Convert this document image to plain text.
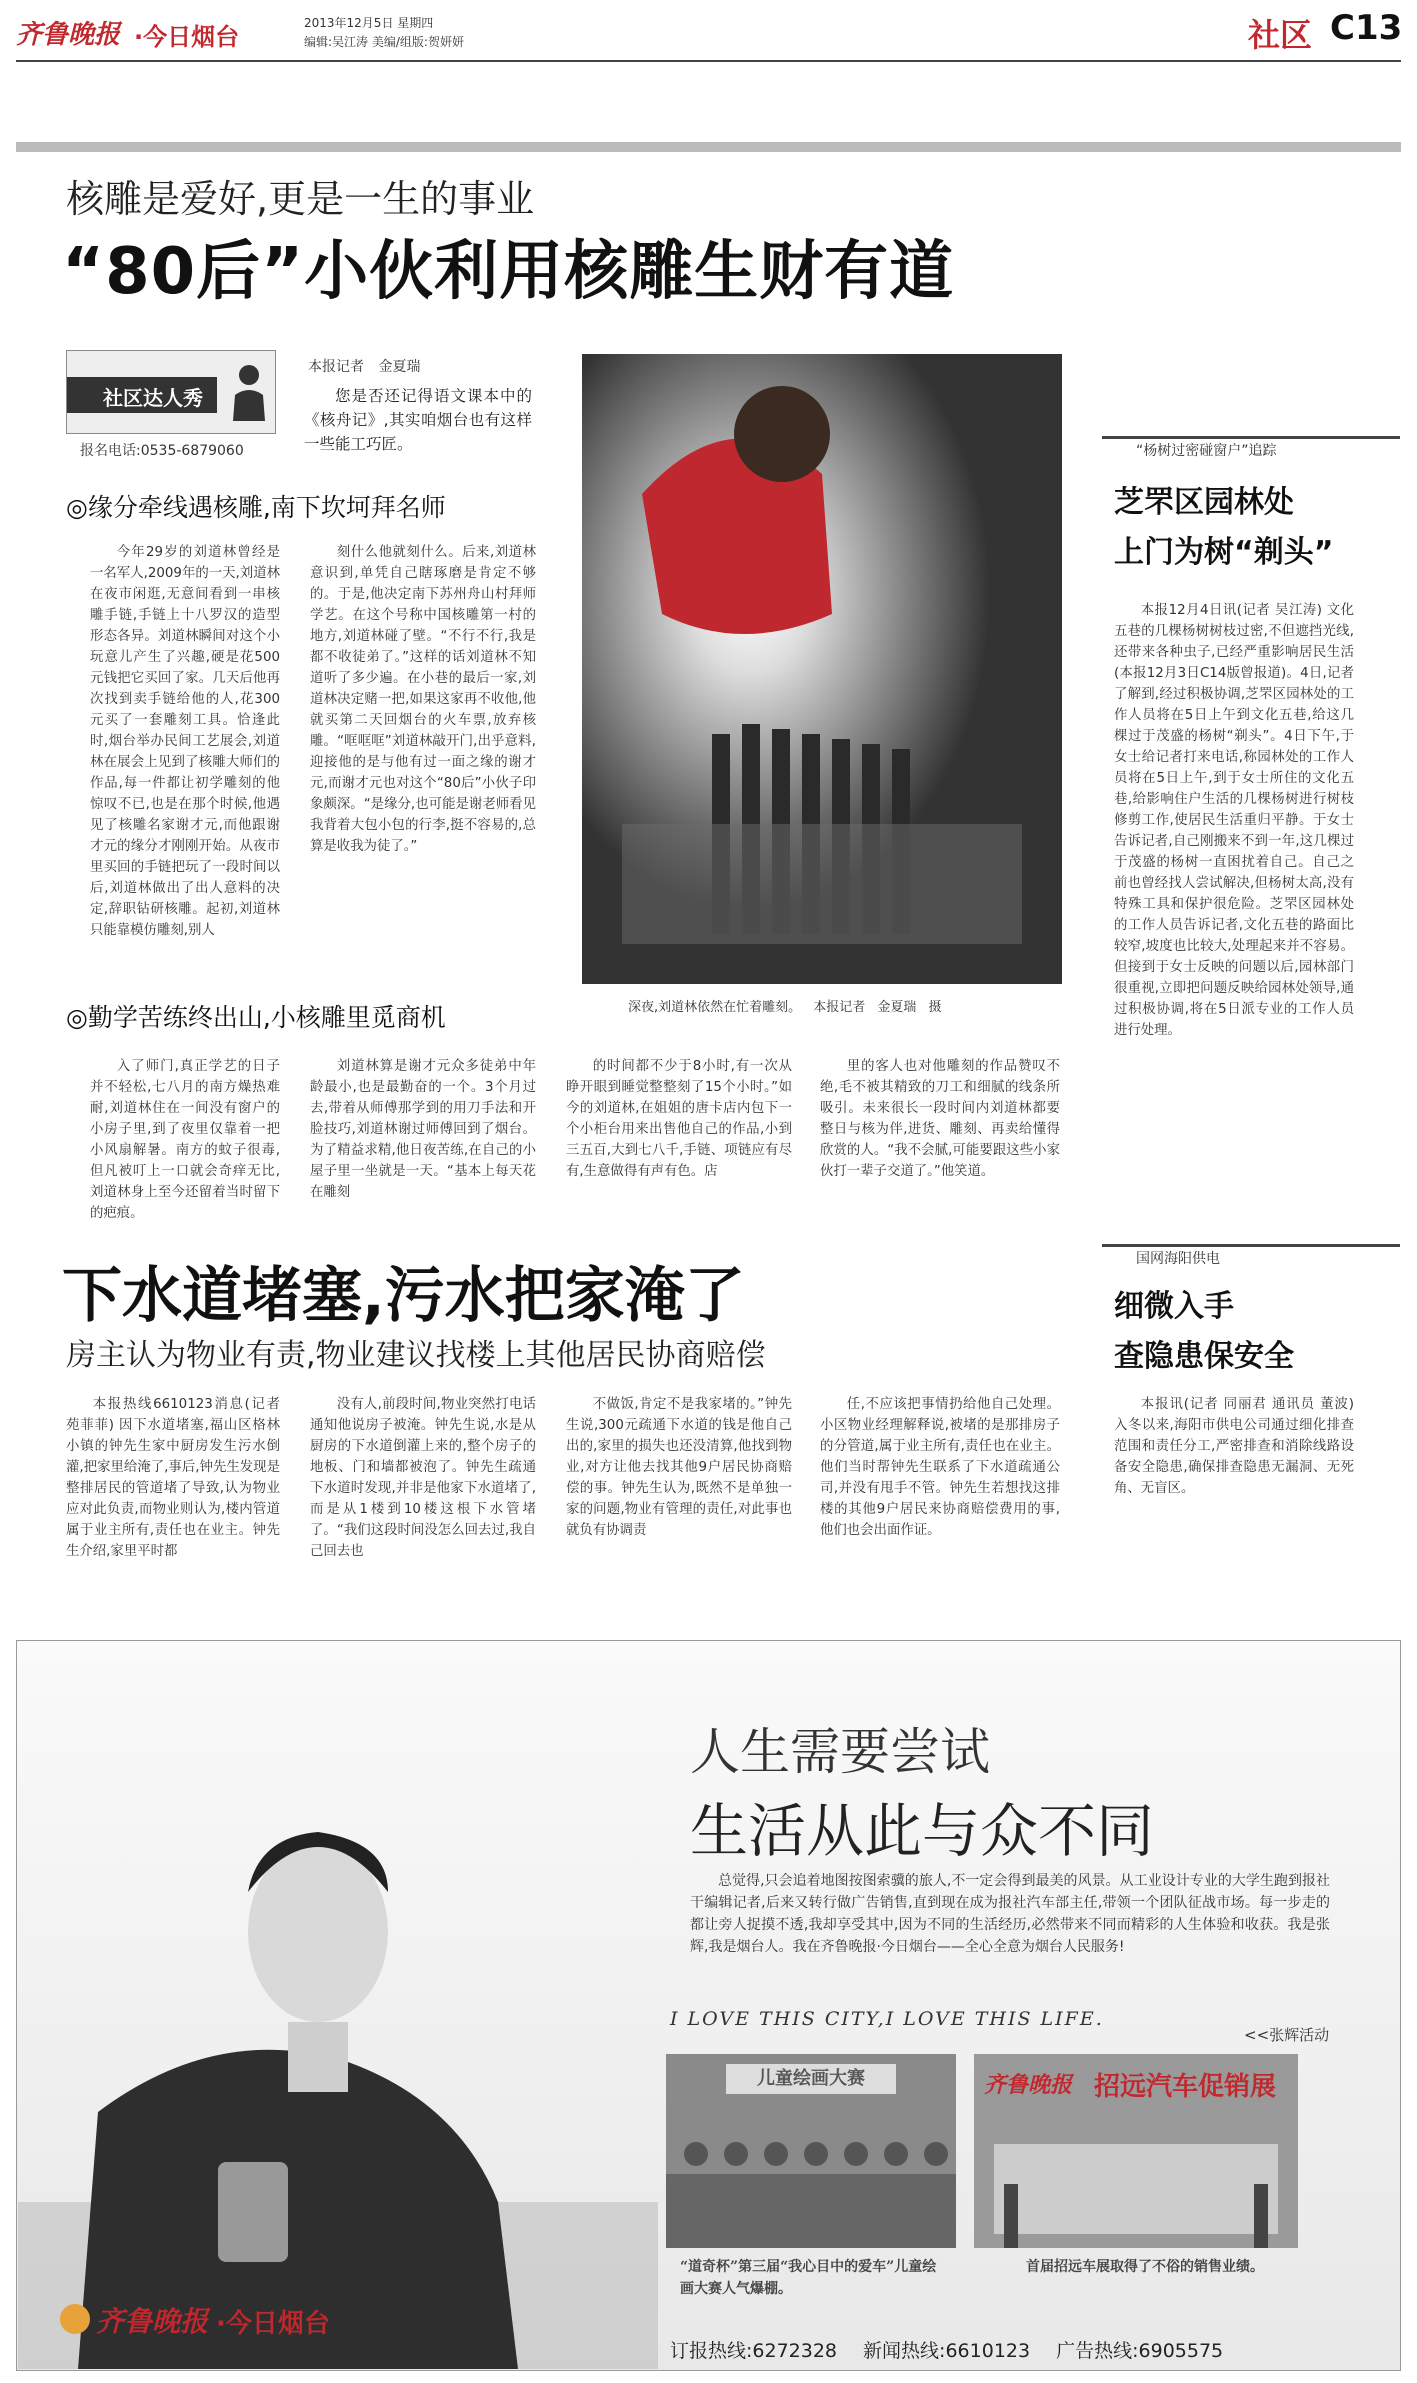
齐鲁晚报 ·今日烟台	2013年12月5日 星期四
编辑:吴江涛 美编/组版:贺妍妍	社区 C13
核雕是爱好,更是一生的事业
“80后”小伙利用核雕生财有道
社区达人秀
报名电话:0535-6879060
本报记者 金夏瑞

您是否还记得语文课本中的《核舟记》,其实咱烟台也有这样一些能工巧匠。

深夜,刘道林依然在忙着雕刻。 本报记者 金夏瑞 摄
◎缘分牵线遇核雕,南下坎坷拜名师

今年29岁的刘道林曾经是一名军人,2009年的一天,刘道林在夜市闲逛,无意间看到一串核雕手链,手链上十八罗汉的造型形态各异。刘道林瞬间对这个小玩意儿产生了兴趣,硬是花500元钱把它买回了家。几天后他再次找到卖手链给他的人,花300元买了一套雕刻工具。恰逢此时,烟台举办民间工艺展会,刘道林在展会上见到了核雕大师们的作品,每一件都让初学雕刻的他惊叹不已,也是在那个时候,他遇见了核雕名家谢才元,而他跟谢才元的缘分才刚刚开始。从夜市里买回的手链把玩了一段时间以后,刘道林做出了出人意料的决定,辞职钻研核雕。起初,刘道林只能靠模仿雕刻,别人

刻什么他就刻什么。后来,刘道林意识到,单凭自己瞎琢磨是肯定不够的。于是,他决定南下苏州舟山村拜师学艺。在这个号称中国核雕第一村的地方,刘道林碰了壁。“不行不行,我是都不收徒弟了。”这样的话刘道林不知道听了多少遍。在小巷的最后一家,刘道林决定赌一把,如果这家再不收他,他就买第二天回烟台的火车票,放弃核雕。“哐哐哐”刘道林敲开门,出乎意料,迎接他的是与他有过一面之缘的谢才元,而谢才元也对这个“80后”小伙子印象颇深。“是缘分,也可能是谢老师看见我背着大包小包的行李,挺不容易的,总算是收我为徒了。”

◎勤学苦练终出山,小核雕里觅商机

入了师门,真正学艺的日子并不轻松,七八月的南方燥热难耐,刘道林住在一间没有窗户的小房子里,到了夜里仅靠着一把小风扇解暑。南方的蚊子很毒,但凡被叮上一口就会奇痒无比,刘道林身上至今还留着当时留下的疤痕。

刘道林算是谢才元众多徒弟中年龄最小,也是最勤奋的一个。3个月过去,带着从师傅那学到的用刀手法和开脸技巧,刘道林谢过师傅回到了烟台。为了精益求精,他日夜苦练,在自己的小屋子里一坐就是一天。“基本上每天花在雕刻

的时间都不少于8小时,有一次从睁开眼到睡觉整整刻了15个小时。”如今的刘道林,在姐姐的唐卡店内包下一个小柜台用来出售他自己的作品,小到三五百,大到七八千,手链、项链应有尽有,生意做得有声有色。店

里的客人也对他雕刻的作品赞叹不绝,毛不被其精致的刀工和细腻的线条所吸引。未来很长一段时间内刘道林都要整日与核为伴,进货、雕刻、再卖给懂得欣赏的人。“我不会腻,可能要跟这些小家伙打一辈子交道了。”他笑道。

下水道堵塞,污水把家淹了
房主认为物业有责,物业建议找楼上其他居民协商赔偿

本报热线6610123消息(记者 苑菲菲) 因下水道堵塞,福山区格林小镇的钟先生家中厨房发生污水倒灌,把家里给淹了,事后,钟先生发现是整排居民的管道堵了导致,认为物业应对此负责,而物业则认为,楼内管道属于业主所有,责任也在业主。钟先生介绍,家里平时都

没有人,前段时间,物业突然打电话通知他说房子被淹。钟先生说,水是从厨房的下水道倒灌上来的,整个房子的地板、门和墙都被泡了。钟先生疏通下水道时发现,并非是他家下水道堵了,而是从1楼到10楼这根下水管堵了。“我们这段时间没怎么回去过,我自己回去也

不做饭,肯定不是我家堵的。”钟先生说,300元疏通下水道的钱是他自己出的,家里的损失也还没清算,他找到物业,对方让他去找其他9户居民协商赔偿的事。钟先生认为,既然不是单独一家的问题,物业有管理的责任,对此事也就负有协调责

任,不应该把事情扔给他自己处理。小区物业经理解释说,被堵的是那排房子的分管道,属于业主所有,责任也在业主。他们当时帮钟先生联系了下水道疏通公司,并没有甩手不管。钟先生若想找这排楼的其他9户居民来协商赔偿费用的事,他们也会出面作证。

“杨树过密碰窗户”追踪
芝罘区园林处
上门为树“剃头”

本报12月4日讯(记者 吴江涛) 文化五巷的几棵杨树树枝过密,不但遮挡光线,还带来各种虫子,已经严重影响居民生活(本报12月3日C14版曾报道)。4日,记者了解到,经过积极协调,芝罘区园林处的工作人员将在5日上午到文化五巷,给这几棵过于茂盛的杨树“剃头”。4日下午,于女士给记者打来电话,称园林处的工作人员将在5日上午,到于女士所住的文化五巷,给影响住户生活的几棵杨树进行树枝修剪工作,使居民生活重归平静。于女士告诉记者,自己刚搬来不到一年,这几棵过于茂盛的杨树一直困扰着自己。自己之前也曾经找人尝试解决,但杨树太高,没有特殊工具和保护很危险。芝罘区园林处的工作人员告诉记者,文化五巷的路面比较窄,坡度也比较大,处理起来并不容易。但接到于女士反映的问题以后,园林部门很重视,立即把问题反映给园林处领导,通过积极协调,将在5日派专业的工作人员进行处理。

国网海阳供电
细微入手
查隐患保安全

本报讯(记者 同丽君 通讯员 董波) 入冬以来,海阳市供电公司通过细化排查范围和责任分工,严密排查和消除线路设备安全隐患,确保排查隐患无漏洞、无死角、无盲区。

人生需要尝试
生活从此与众不同

总觉得,只会追着地图按图索骥的旅人,不一定会得到最美的风景。从工业设计专业的大学生跑到报社干编辑记者,后来又转行做广告销售,直到现在成为报社汽车部主任,带领一个团队征战市场。每一步走的都让旁人捉摸不透,我却享受其中,因为不同的生活经历,必然带来不同而精彩的人生体验和收获。我是张辉,我是烟台人。我在齐鲁晚报·今日烟台——全心全意为烟台人民服务!

I LOVE THIS CITY,I LOVE THIS LIFE.
<<张辉活动
儿童绘画大赛	齐鲁晚报 招远汽车促销展
“道奇杯”第三届“我心目中的爱车”儿童绘画大赛人气爆棚。
首届招远车展取得了不俗的销售业绩。
齐鲁晚报 ·今日烟台
订报热线:6272328 新闻热线:6610123 广告热线:6905575
